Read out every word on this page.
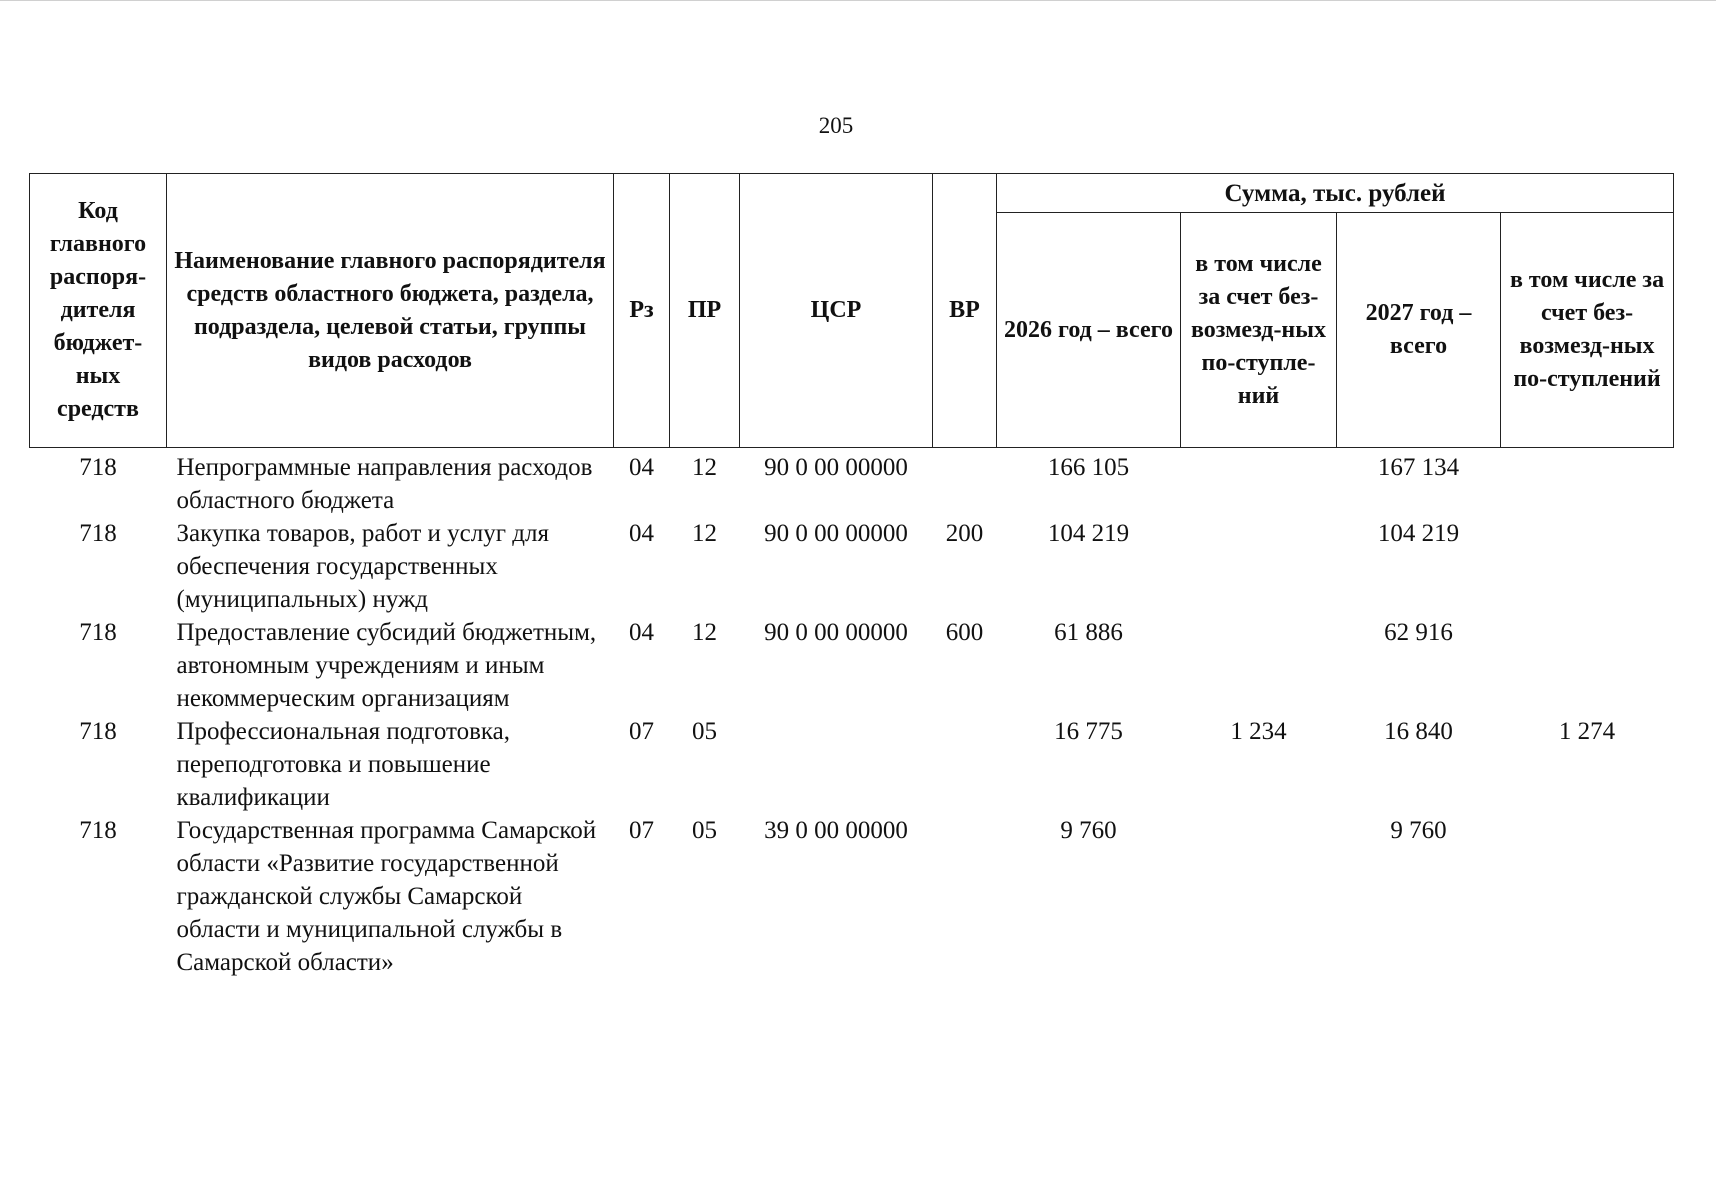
205
Код главного распоря-дителя бюджет-ных средств	Наименование главного распорядителя средств областного бюджета, раздела, подраздела, целевой статьи, группы видов расходов	Рз	ПР	ЦСР	ВР	Сумма, тыс. рублей			
						2026 год – всего	в том числе за счет без-возмезд-ных по-ступле-ний	2027 год – всего	в том числе за счет без-возмезд-ных по-ступлений
718	Непрограммные направления расходов областного бюджета	04	12	90 0 00 00000		166 105		167 134	
718	Закупка товаров, работ и услуг для обеспечения государственных (муниципальных) нужд	04	12	90 0 00 00000	200	104 219		104 219	
718	Предоставление субсидий бюджетным, автономным учреждениям и иным некоммерческим организациям	04	12	90 0 00 00000	600	61 886		62 916	
718	Профессиональная подготовка, переподготовка и повышение квалификации	07	05			16 775	1 234	16 840	1 274
718	Государственная программа Самарской области «Развитие государственной гражданской службы Самарской области и муниципальной службы в Самарской области»	07	05	39 0 00 00000		9 760		9 760	
